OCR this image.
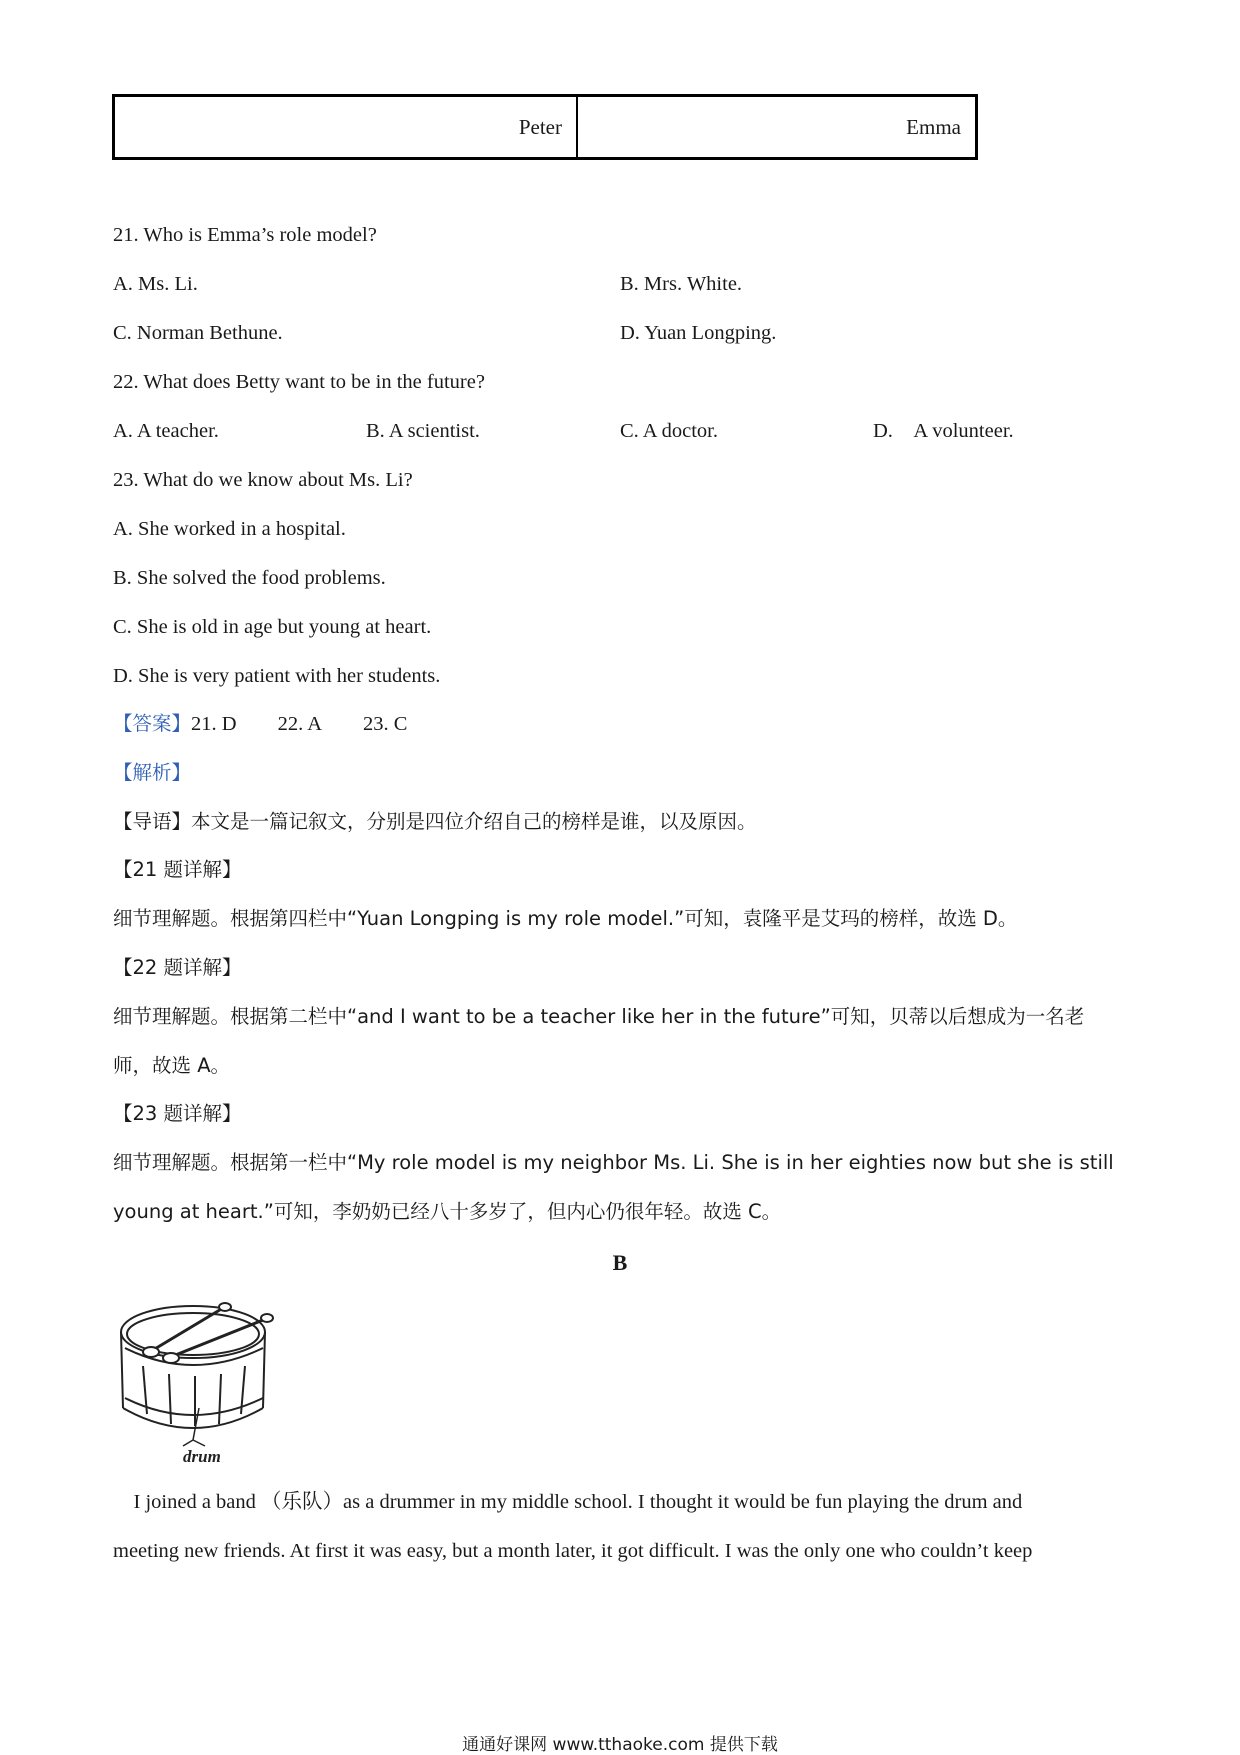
Peter	Emma
21. Who is Emma’s role model?
A. Ms. Li.	B. Mrs. White.
C. Norman Bethune.	D. Yuan Longping.
22. What does Betty want to be in the future?
A. A teacher.	B. A scientist.	C. A doctor.	D. A volunteer.
23. What do we know about Ms. Li?
A. She worked in a hospital.
B. She solved the food problems.
C. She is old in age but young at heart.
D. She is very patient with her students.
【答案】21. D  22. A  23. C
【解析】
【导语】本文是一篇记叙文，分别是四位介绍自己的榜样是谁，以及原因。
【21 题详解】
细节理解题。根据第四栏中“Yuan Longping is my role model.”可知，袁隆平是艾玛的榜样，故选 D。
【22 题详解】
细节理解题。根据第二栏中“and I want to be a teacher like her in the future”可知，贝蒂以后想成为一名老
师，故选 A。
【23 题详解】
细节理解题。根据第一栏中“My role model is my neighbor Ms. Li. She is in her eighties now but she is still
young at heart.”可知，李奶奶已经八十多岁了，但内心仍很年轻。故选 C。
B
drum
 I joined a band （乐队）as a drummer in my middle school. I thought it would be fun playing the drum and
meeting new friends. At first it was easy, but a month later, it got difficult. I was the only one who couldn’t keep
通通好课网 www.tthaoke.com 提供下载
